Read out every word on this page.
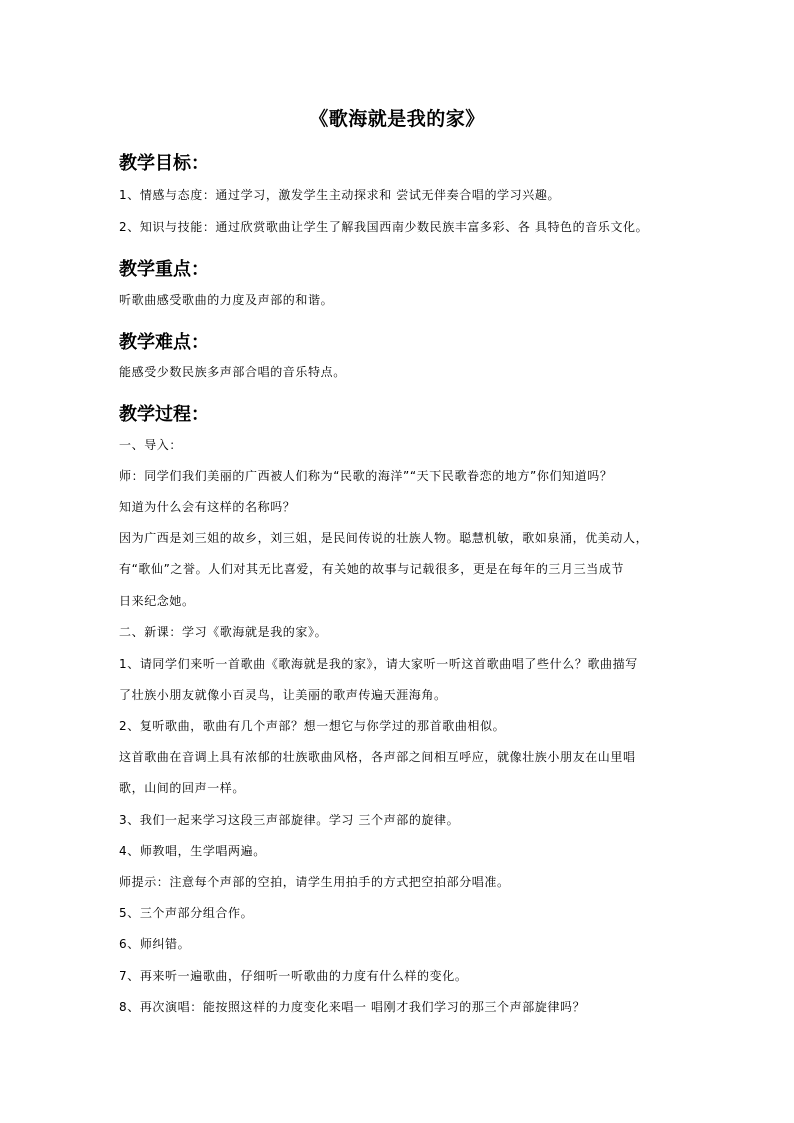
《歌海就是我的家》
教学目标：
1、情感与态度：通过学习，激发学生主动探求和 尝试无伴奏合唱的学习兴趣。
2、知识与技能：通过欣赏歌曲让学生了解我国西南少数民族丰富多彩、各 具特色的音乐文化。
教学重点：
听歌曲感受歌曲的力度及声部的和谐。
教学难点：
能感受少数民族多声部合唱的音乐特点。
教学过程：
一、导入：
师：同学们我们美丽的广西被人们称为“民歌的海洋”“天下民歌眷恋的地方”你们知道吗？
知道为什么会有这样的名称吗？
因为广西是刘三姐的故乡，刘三姐，是民间传说的壮族人物。聪慧机敏，歌如泉涌，优美动人，
有“歌仙”之誉。人们对其无比喜爱，有关她的故事与记载很多，更是在每年的三月三当成节
日来纪念她。
二、新课：学习《歌海就是我的家》。
1、请同学们来听一首歌曲《歌海就是我的家》，请大家听一听这首歌曲唱了些什么？歌曲描写
了壮族小朋友就像小百灵鸟，让美丽的歌声传遍天涯海角。
2、复听歌曲，歌曲有几个声部？想一想它与你学过的那首歌曲相似。
这首歌曲在音调上具有浓郁的壮族歌曲风格，各声部之间相互呼应，就像壮族小朋友在山里唱
歌，山间的回声一样。
3、我们一起来学习这段三声部旋律。学习 三个声部的旋律。
4、师教唱，生学唱两遍。
师提示：注意每个声部的空拍，请学生用拍手的方式把空拍部分唱准。
5、三个声部分组合作。
6、师纠错。
7、再来听一遍歌曲，仔细听一听歌曲的力度有什么样的变化。
8、再次演唱：能按照这样的力度变化来唱一 唱刚才我们学习的那三个声部旋律吗？
